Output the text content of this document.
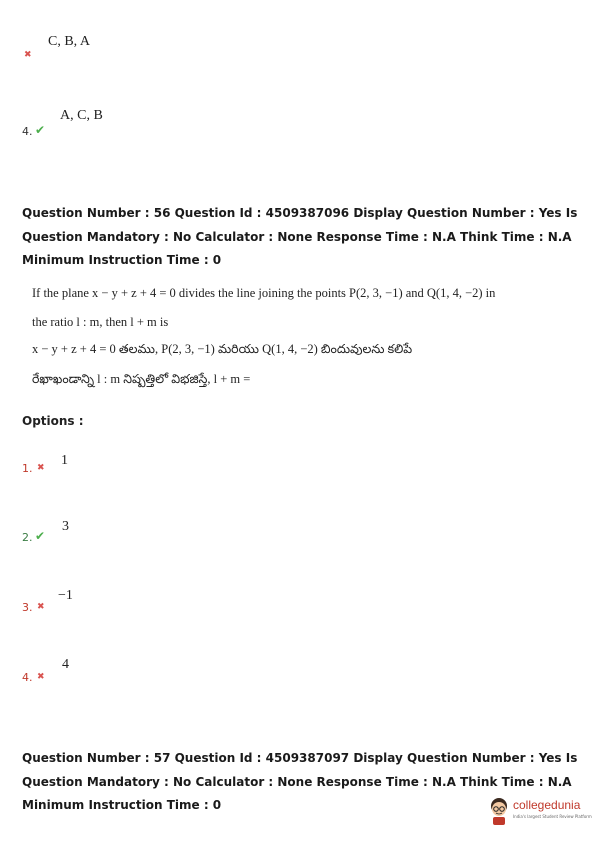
C, B, A
✖
A, C, B
4. ✔
Question Number : 56 Question Id : 4509387096 Display Question Number : Yes Is Question Mandatory : No Calculator : None Response Time : N.A Think Time : N.A Minimum Instruction Time : 0
If the plane x − y + z + 4 = 0 divides the line joining the points P(2, 3, −1) and Q(1, 4, −2) in
the ratio l : m, then l + m is
x − y + z + 4 = 0 తలము, P(2, 3, −1) మరియు Q(1, 4, −2) బిందువులను కలిపే
రేఖాఖండాన్ని l : m నిష్పత్తిలో విభజిస్తే, l + m =
Options :
1. ✖ 1
2. ✔
3
3. ✖
−1
4. ✖
4
Question Number : 57 Question Id : 4509387097 Display Question Number : Yes Is Question Mandatory : No Calculator : None Response Time : N.A Think Time : N.A Minimum Instruction Time : 0	collegedunia
India's largest Student Review Platform
